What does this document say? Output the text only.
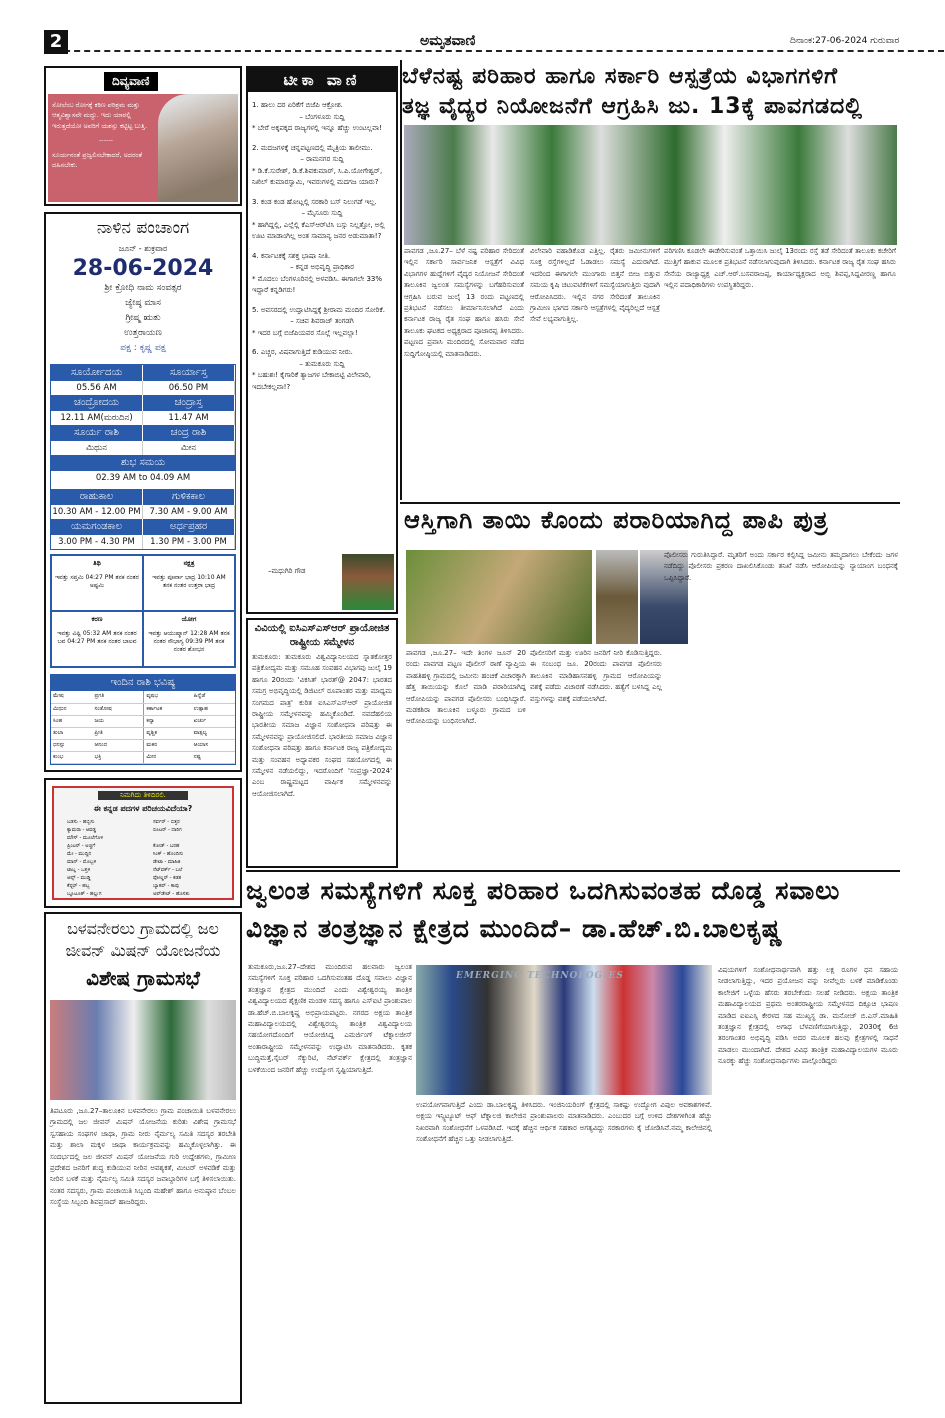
2	ಅಮೃತವಾಣಿ	ದಿನಾಂಕ:27-06-2024 ಗುರುವಾರ
ದಿವ್ಯವಾಣಿ
ಸೋಲೆಂಬ ರೋಗಕ್ಕೆ ಕಠಿಣ ಪರಿಶ್ರಮ ಮತ್ತು ಆತ್ಮವಿಶ್ವಾಸವೇ ಮದ್ದು. ಇದು ಯಾರಲ್ಲಿ ಇರುತ್ತದೆಯೋ ಅವರಿಗೆ ಯಶಸ್ಸು ಕಟ್ಟಿಟ್ಟ ಬುತ್ತಿ.
------
ಸೂರ್ಯನಂತೆ ಪ್ರಜ್ವಲಿಸಬೇಕಾದರೆ, ಅದರಂತೆ ದಹಿಸಬೇಕು.
ನಾಳಿನ ಪಂಚಾಂಗ
ಜೂನ್ - ಶುಕ್ರವಾರ
28-06-2024
ಶ್ರೀ ಕ್ರೋಧಿ ನಾಮ ಸಂವತ್ಸರ
ಜ್ಯೇಷ್ಠ ಮಾಸ
ಗ್ರೀಷ್ಮ ಋತು
ಉತ್ತರಾಯಣ
ಪಕ್ಷ : ಕೃಷ್ಣ ಪಕ್ಷ
ಸೂರ್ಯೋದಯ	ಸೂರ್ಯಾಸ್ತ
05.56 AM	06.50 PM
ಚಂದ್ರೋದಯ	ಚಂದ್ರಾಸ್ತ
12.11 AM(ಮರುದಿನ)	11.47 AM
ಸೂರ್ಯ ರಾಶಿ	ಚಂದ್ರ ರಾಶಿ
ಮಿಥುನ	ಮೀನ
ಶುಭ ಸಮಯ
02.39 AM to 04.09 AM
ರಾಹುಕಾಲ	ಗುಳಿಕಕಾಲ
10.30 AM - 12.00 PM	7.30 AM - 9.00 AM
ಯಮಗಂಡಕಾಲ	ಅರ್ಧಪ್ರಹರ
3.00 PM - 4.30 PM	1.30 PM - 3.00 PM
ತಿಥಿ
ಇವತ್ತು ಸಪ್ತಮಿ 04:27 PM ತನಕ ನಂತರ ಅಷ್ಟಮಿ
ನಕ್ಷತ್ರ
ಇವತ್ತು ಪೂರ್ವಾ ಭಾದ್ರ 10:10 AM ತನಕ ನಂತರ ಉತ್ತರಾ ಭಾದ್ರ
ಕರಣ
ಇವತ್ತು ವಿಷ್ಟಿ 05:32 AM ತನಕ ನಂತರ ಬವ 04:27 PM ತನಕ ನಂತರ ಬಾಲವ
ಯೋಗ
ಇವತ್ತು ಆಯುಷ್ಮಾನ್ 12:28 AM ತನಕ ನಂತರ ಸೌಭಾಗ್ಯ 09:39 PM ತನಕ ನಂತರ ಶೋಭನ
ಇಂದಿನ ರಾಶಿ ಭವಿಷ್ಯ
ಮೇಷ	ಪ್ರಗತಿ	ವೃಷಭ	ಹಿನ್ನೆಡೆ
ಮಿಥುನ	ಸಂತೋಷ	ಕರ್ಕಾಟಕ	ಉತ್ಸಾಹ
ಸಿಂಹ	ಜಯ	ಕನ್ಯಾ	ಖರ್ಚು
ತುಲಾ	ಪ್ರೀತಿ	ವೃಶ್ಚಿಕ	ವಾತ್ಸಲ್ಯ
ಧನಸ್ಸು	ಆನಂದ	ಮಕರ	ಆಯಾಸ
ಕುಂಭ	ಭಕ್ತಿ	ಮೀನ	ನಷ್ಟ
ನಿಮಗಿದು ತಿಳಿದಿರಲಿ.
ಈ ಕನ್ನಡ ಪದಗಳ ಪರಿಚಯವಿದೆಯಾ?
ಬಡಸು - ಹಬ್ಬಿಸು
ಕ್ಯಾಮರಾ - ಆವಡ್ಡ
ಮೌಸ್ - ಮೂಲೆಗೊಳಿ
ಪ್ರಿಂಟರ್ - ಅಚ್ಚಿಗೆ
ಮೇ - ಮುದ್ದಿನ
ಮಾನ್ - ಮೊಬ್ಬಳಿ
ಟಾಬ್ಲ - ಒತ್ತಳಿ
ಆಪ್ಸ್ - ಮುಡ್ಡಿ
ಕೆಫ್ಟರ್ - ಹಬ್ಬ
ಬ್ಲೂಟೂತ್ - ಹಲ್ಲುಗ
ಸರ್ವರ್ - ಬಿತ್ತರ
ರೂಟರ್ - ದಾರಿಗ
ಕೋಡ್ - ಬರಹ
ಸಿಂಕ್ - ಹೊಂದಿಸು
ಡೇಟಾ - ಮಾಹಿತಿ
ನೆಟ್‌ವರ್ಕ್ - ಬಲೆ
ಫೋಲ್ಡರ್ - ಕಡತ
ಬ್ಯಾಕಪ್ - ಕಾಪು
ಅಪ್‌ಡೇಟ್ - ಹೊಸತು
ಬಳವನೇರಲು ಗ್ರಾಮದಲ್ಲಿ ಜಲ ಜೀವನ್ ಮಿಷನ್ ಯೋಜನೆಯ
ವಿಶೇಷ ಗ್ರಾಮಸಭೆ
ತಿಪಟೂರು ,ಜೂ.27–ತಾಲೂಕಿನ ಬಳವನೇರಲು ಗ್ರಾಮ ಪಂಚಾಯಿತಿ ಬಳವನೇರಲು ಗ್ರಾಮದಲ್ಲಿ ಜಲ ಜೀವನ್ ಮಿಷನ್ ಯೋಜನೆಯ ಕುರಿತು ವಿಶೇಷ ಗ್ರಾಮಸಭೆ ಸ್ವಸಹಾಯ ಸಂಘಗಳ ಜಾಥಾ, ಗ್ರಾಮ ನೀರು ನೈರ್ಮಲ್ಯ ಸಮಿತಿ ಸದಸ್ಯರ ತರಬೇತಿ ಮತ್ತು ಶಾಲಾ ಮಕ್ಕಳ ಜಾಥಾ ಕಾರ್ಯಕ್ರಮವನ್ನು ಹಮ್ಮಿಕೊಳ್ಳಲಾಗಿತ್ತು. ಈ ಸಂದರ್ಭದಲ್ಲಿ ಜಲ ಜೀವನ್ ಮಿಷನ್ ಯೋಜನೆಯ ಗುರಿ ಉದ್ದೇಶಗಳು, ಗ್ರಾಮೀಣ ಪ್ರದೇಶದ ಜನರಿಗೆ ಶುದ್ಧ ಕುಡಿಯುವ ನೀರಿನ ಅವಶ್ಯಕತೆ, ಮೀಟರ್ ಅಳವಡಿಕೆ ಮತ್ತು ನೀರಿನ ಬಳಕೆ ಮತ್ತು ನೈರ್ಮಲ್ಯ ಸಮಿತಿ ಸದಸ್ಯರ ಜವಾಬ್ದಾರಿಗಳ ಬಗ್ಗೆ ತಿಳಿಸಲಾಯಿತು. ನಂತರ ಸದಸ್ಯರು, ಗ್ರಾಮ ಪಂಚಾಯಿತಿ ಸಿಬ್ಬಂದಿ ಮಹೇಶ್ ಹಾಗೂ ಅನುಷ್ಠಾನ ಬೆಂಬಲ ಸಂಸ್ಥೆಯ ಸಿಬ್ಬಂದಿ ಶಿವಪ್ರಸಾದ್ ಹಾಜರಿದ್ದರು.
ಟೀಕಾ ವಾಣಿ
1. ಹಾಲು ದರ ಏರಿಕೆಗೆ ಬಿಜೆಪಿ ಆಕ್ರೋಶ.
– ಬೆಂಗಳೂರು ಸುದ್ದಿ
* ಬೇರೆ ಅಕ್ಕಪಕ್ಕದ ರಾಜ್ಯಗಳಲ್ಲಿ ಇನ್ನೂ ಹೆಚ್ಚು ಉಂಟಲ್ಲವಾ!
2. ಮದಜಗಳಕ್ಕೆ ಚನ್ನಪಟ್ಟಣದಲ್ಲಿ ಮೈತ್ರಿಯ ತಾಲೀಮು.
– ರಾಮನಗರ ಸುದ್ದಿ
* ಡಿ.ಕೆ.ಸುರೇಶ್, ಡಿ.ಕೆ.ಶಿವಕುಮಾರ್, ಸಿ.ಪಿ.ಯೋಗೇಶ್ವರ್, ನಿಖಿಲ್ ಕುಮಾರಸ್ವಾಮಿ, ಇವರುಗಳಲ್ಲಿ ಮದಗಜ ಯಾರು?
3. ಕಂಡ ಕಂಡ ಹೋಟ್ಲಲ್ಲಿ ಸರಕಾರಿ ಬಸ್ ನಿಲುಗಡೆ ಇಲ್ಲ.
– ಮೈಸೂರು ಸುದ್ದಿ
* ಹಾಗಿದ್ದಲ್ಲಿ, ಎಲ್ಲೆಲ್ಲಿ ಕೆಎಸ್‌ಆರ್‌ಟಿಸಿ ಬಸ್ಸು ನಿಲ್ಲತ್ತೋ, ಅಲ್ಲಿ ಊಟ ಮಾಡಾಂಗಿಲ್ಲ ಅಂತ ಸಾಮಾನ್ಯ ಜನರ ಅಡುಮಾತಾ!?
4. ಕರ್ನಾಟಕಕ್ಕೆ ಸಶಕ್ತ ಭಾಷಾ ನೀತಿ.
– ಕನ್ನಡ ಅಭಿವೃದ್ಧಿ ಪ್ರಾಧಿಕಾರ
* ಮೊದಲು ಬೆಂಗಳೂರಿನಲ್ಲಿ ಅಳವಡಿಸಿ. ಈಗಾಗಲೇ 33% ಇದ್ದಾರೆ ಕನ್ನಡಿಗರು!
5. ಅವಸರದಲ್ಲಿ ಉದ್ಘಾಟಿಸಿದ್ದಕ್ಕೆ ಶ್ರೀರಾಮ ಮಂದಿರ ಸೋರಿಕೆ.
– ಸಚಿವ ಶಿವರಾಜ್ ತಂಗಡಗಿ
* ಇದರ ಬಗ್ಗೆ ಬಿಜೆಪಿಯವರ ಸೊಲ್ಲೆ ಇಲ್ಲವಲ್ಲಾ!
6. ಎಚ್ಚರ, ವಿಷವಾಗುತ್ತಿದೆ ಕುಡಿಯುವ ನೀರು.
– ತುಮಕೂರು ಸುದ್ದಿ
* ಬಹುಶಃ! ಕೈಗಾರಿಕೆ ತ್ಯಾಜಗಳ ಬೇಕಾಬಿಟ್ಟಿ ವಿಲೇವಾರಿ, ಇದಬೇಕಲ್ಲವಾ!?
–ಮಧುಗಿರಿ ಗೌಡ
ವಿವಿಯಲ್ಲಿ ಐಸಿಎಸ್‌ಎಸ್‌ಆರ್ ಪ್ರಾಯೋಜಿತ ರಾಷ್ಟ್ರೀಯ ಸಮ್ಮೇಳನ
ತುಮಕೂರು: ತುಮಕೂರು ವಿಶ್ವವಿದ್ಯಾನಿಲಯದ ಸ್ನಾತಕೋತ್ತರ ಪತ್ರಿಕೋದ್ಯಮ ಮತ್ತು ಸಮೂಹ ಸಂವಹನ ವಿಭಾಗವು ಜುಲೈ 19 ಹಾಗೂ 20ರಂದು 'ವಿಕಸಿತ್ ಭಾರತ್@ 2047: ಭಾರತದ ಸಮಗ್ರ ಅಭಿವೃದ್ಧಿಯಲ್ಲಿ ಡಿಜಿಟಲ್ ರೂಪಾಂತರ ಮತ್ತು ಮಾಧ್ಯಮ ಸಂಗಮದ ಪಾತ್ರ' ಕುರಿತ ಐಸಿಎಸ್ಎಸ್ಆರ್ ಪ್ರಾಯೋಜಿತ ರಾಷ್ಟ್ರೀಯ ಸಮ್ಮೇಳನವನ್ನು ಹಮ್ಮಿಕೊಂಡಿದೆ. ನವದೆಹಲಿಯ ಭಾರತೀಯ ಸಮಾಜ ವಿಜ್ಞಾನ ಸಂಶೋಧನಾ ಪರಿಷತ್ತು ಈ ಸಮ್ಮೇಳನವನ್ನು ಪ್ರಾಯೋಜಿಸಲಿದೆ. ಭಾರತೀಯ ಸಮಾಜ ವಿಜ್ಞಾನ ಸಂಶೋಧನಾ ಪರಿಷತ್ತು ಹಾಗೂ ಕರ್ನಾಟಕ ರಾಜ್ಯ ಪತ್ರಿಕೋದ್ಯಮ ಮತ್ತು ಸಂವಹನ ಅಧ್ಯಾಪಕರ ಸಂಘದ ಸಹಯೋಗದಲ್ಲಿ ಈ ಸಮ್ಮೇಳನ ನಡೆಯಲಿದ್ದು, ಇದರೊಂದಿಗೆ 'ಸಂಪ್ರಜ್ಞಾ-2024' ಎಂಬ ರಾಷ್ಟ್ರಮಟ್ಟದ ವಾರ್ಷಿಕ ಸಮ್ಮೇಳನವನ್ನು ಆಯೋಜಿಸಲಾಗಿದೆ.
ಬೆಳೆನಷ್ಟ ಪರಿಹಾರ ಹಾಗೂ ಸರ್ಕಾರಿ ಆಸ್ಪತ್ರೆಯ ವಿಭಾಗಗಳಿಗೆ
ತಜ್ಞ ವೈದ್ಯರ ನಿಯೋಜನೆಗೆ ಆಗ್ರಹಿಸಿ ಜು. 13ಕ್ಕೆ ಪಾವಗಡದಲ್ಲಿ
ಪಾವಗಡ ,ಜೂ.27– ಬೆಳೆ ನಷ್ಟ ಪರಿಹಾರ ಸೇರಿದಂತೆ ಇಲ್ಲಿನ ಸರ್ಕಾರಿ ಸಾರ್ವಜನಿಕ ಆಸ್ಪತ್ರೆಗೆ ವಿವಿಧ ವಿಭಾಗಗಳ ಹುದ್ದೆಗಳಿಗೆ ವೈದ್ಯರ ನಿಯೋಜನೆ ಸೇರಿದಂತೆ ತಾಲೂಕಿನ ಜ್ವಲಂತ ಸಮಸ್ಯೆಗಳನ್ನು ಬಗೆಹರಿಸುವಂತೆ ಆಗ್ರಹಿಸಿ ಬರುವ ಜುಲೈ 13 ರಂದು ಪಟ್ಟಣದಲ್ಲಿ ಪ್ರತಿಭಟನೆ ನಡೆಸಲು ತೀರ್ಮಾನಿಸಲಾಗಿದೆ ಎಂದು ಕರ್ನಾಟಕ ರಾಜ್ಯ ರೈತ ಸಂಘ ಹಾಗೂ ಹಸಿರು ಸೇನೆ ತಾಲೂಕು ಘಟಕದ ಅಧ್ಯಕ್ಷರಾದ ಪೂಜಾರಪ್ಪ ತಿಳಿಸಿದರು. ಪಟ್ಟಣದ ಪ್ರವಾಸಿ ಮಂದಿರದಲ್ಲಿ ಸೋಮವಾರ ನಡೆದ ಸುದ್ದಿಗೋಷ್ಠಿಯಲ್ಲಿ ಮಾತನಾಡಿದರು.
ವಿಲೇವಾರಿ ವಹಾಡಿಕೊಡ ಎತ್ತಿಲ್ಲ. ರೈತರು ಜಮೀನುಗಳಿಗೆ ಸೂಕ್ತ ರಸ್ತೆಗಳಿಲ್ಲದೆ ಓಡಾಡಲು ಸಮಸ್ಯೆ ಎದುರಾಗಿದೆ. ಇದರಿಂದ ಈಗಾಗಲೇ ಮುಂಗಾರು ಬಿತ್ತನೆ ಬೀಜ ಬಿತ್ತುವ ಸಮಯ ಕೃಷಿ ಚಟುವಟಿಕೆಗಳಿಗೆ ಸಮಸ್ಯೆಯಾಗುತ್ತಿರು ವುದಾಗಿ ಆರೋಪಿಸಿದರು. ಇಲ್ಲಿನ ನಗರ ಸೇರಿದಂತೆ ತಾಲೂಕಿನ ಗ್ರಾಮೀಣ ಭಾಗದ ಸರ್ಕಾರಿ ಆಸ್ಪತ್ರೆಗಳಲ್ಲಿ ವೈದ್ಯರಿಲ್ಲದೆ ಆಸ್ಪತ್ರೆ ಸೇವೆ ಲಭ್ಯವಾಗುತ್ತಿಲ್ಲ.
ಪರಿಗಣಿಸಿ ಕೂಡಲೇ ಈಡೇರಿಸುವಂತೆ ಒತ್ತಾಯಿಸಿ ಜುಲೈ 13ರಂದು ರಸ್ತೆ ತಡೆ ಸೇರಿದಂತೆ ತಾಲೂಕು ಕಚೇರಿಗೆ ಮುತ್ತಿಗೆ ಹಾಕುವ ಮೂಲಕ ಪ್ರತಿಭಟನೆ ನಡೆಸಲಾಗುವುದಾಗಿ ತಿಳಿಸಿದರು. ಕರ್ನಾಟಕ ರಾಜ್ಯ ರೈತ ಸಂಘ ಹಸಿರು ಸೇನೆಯ ರಾಜ್ಯಾಧ್ಯಕ್ಷ ಎಚ್.ಆರ್.ಬಸವರಾಜಪ್ಪ, ಕಾರ್ಯಾಧ್ಯಕ್ಷರಾದ ಅಬ್ಬಿ ಶಿವಪ್ಪ,ಸಿದ್ದವೀರಣ್ಣ ಹಾಗೂ ಇಲ್ಲಿನ ಪದಾಧಿಕಾರಿಗಳು ಉಪಸ್ಥಿತರಿದ್ದರು.
ಆಸ್ತಿಗಾಗಿ ತಾಯಿ ಕೊಂದು ಪರಾರಿಯಾಗಿದ್ದ ಪಾಪಿ ಪುತ್ರ
ಪಾವಗಡ ,ಜೂ.27– ಇದೇ ತಿಂಗಳ ಜೂನ್ 20 ರಂದು ಪಾವಗಡ ಪಟ್ಟಣ ಪೊಲೀಸ್ ಠಾಣೆ ವ್ಯಾಪ್ತಿಯ ವಾಹತಿಹಳ್ಳಿ ಗ್ರಾಮದಲ್ಲಿ ಜಮೀನು ಹಂಚಿಕೆ ವಿಚಾರಕ್ಕಾಗಿ ಹೆತ್ತ ತಾಯಿಯನ್ನು ಕೊಲೆ ಮಾಡಿ ಪರಾರಿಯಾಗಿದ್ದ ಆರೋಪಿಯನ್ನು ಪಾವಗಡ ಪೊಲೀಸರು ಬಂಧಿಸಿದ್ದಾರೆ. ಮಡಕಶಿರಾ ತಾಲೂಕಿನ ಬಳ್ಳೂರು ಗ್ರಾಮದ ಬಳಿ ಆರೋಪಿಯನ್ನು ಬಂಧಿಸಲಾಗಿದೆ.
ಪೊಲೀಸರಿಗೆ ಮತ್ತು ಊರಿನ ಜನರಿಗೆ ನೀರಿ ಕೊಡಿಸುತ್ತಿದ್ದರು. ಈ ಸಂಬಂಧ ಜೂ. 20ರಂದು ಪಾವಗಡ ಪೊಲೀಸರು ತಾಲೂಕಿನ ಮಾಡಿಹಾಸನಹಳ್ಳಿ ಗ್ರಾಮದ ಆರೋಪಿಯನ್ನು ವಶಕ್ಕೆ ಪಡೆದು ವಿಚಾರಣೆ ನಡೆಸಿದರು. ಹತ್ಯೆಗೆ ಬಳಸಿದ್ದ ಎಲ್ಲ ವಸ್ತುಗಳನ್ನು ವಶಕ್ಕೆ ಪಡೆಯಲಾಗಿದೆ.
ಪೊಲೀಸರು ಗುರುತಿಸಿದ್ದಾರೆ. ಮೃತರಿಗೆ ಅಂದು ಸರ್ಕಾರ ಕಲ್ಪಿಸಿದ್ದ ಜಮೀನು ತಮ್ಮದಾಗಲು ಬೇಕೆಂದು ಜಗಳ ನಡೆದಿದ್ದು ಪೊಲೀಸರು ಪ್ರಕರಣ ದಾಖಲಿಸಿಕೊಂಡು ತನಿಖೆ ನಡೆಸಿ ಆರೋಪಿಯನ್ನು ನ್ಯಾಯಾಂಗ ಬಂಧನಕ್ಕೆ ಒಪ್ಪಿಸಿದ್ದಾರೆ.
ಜ್ವಲಂತ ಸಮಸ್ಯೆಗಳಿಗೆ ಸೂಕ್ತ ಪರಿಹಾರ ಒದಗಿಸುವಂತಹ ದೊಡ್ಡ ಸವಾಲು
ವಿಜ್ಞಾನ ತಂತ್ರಜ್ಞಾನ ಕ್ಷೇತ್ರದ ಮುಂದಿದೆ– ಡಾ.ಹೆಚ್.ಬಿ.ಬಾಲಕೃಷ್ಣ
ತುಮಕೂರು,ಜೂ.27–ದೇಶದ ಮುಂದಿರುವ ಹಲವಾರು ಜ್ವಲಂತ ಸಮಸ್ಯೆಗಳಿಗೆ ಸೂಕ್ತ ಪರಿಹಾರ ಒದಗಿಸುವಂತಹ ದೊಡ್ಡ ಸವಾಲು ವಿಜ್ಞಾನ ತಂತ್ರಜ್ಞಾನ ಕ್ಷೇತ್ರದ ಮುಂದಿದೆ ಎಂದು ವಿಶ್ವೇಶ್ವರಯ್ಯ ತಾಂತ್ರಿಕ ವಿಶ್ವವಿದ್ಯಾಲಯದ ಶೈಕ್ಷಣಿಕ ಮಂಡಳಿ ಸದಸ್ಯ ಹಾಗೂ ಎಸ್ಐಟಿ ಪ್ರಾಂಶುಪಾಲ ಡಾ.ಹೆಚ್.ಬಿ.ಬಾಲಕೃಷ್ಣ ಅಭಿಪ್ರಾಯಪಟ್ಟರು. ನಗರದ ಅಕ್ಷಯ ತಾಂತ್ರಿಕ ಮಹಾವಿದ್ಯಾಲಯದಲ್ಲಿ ವಿಶ್ವೇಶ್ವರಯ್ಯ ತಾಂತ್ರಿಕ ವಿಶ್ವವಿದ್ಯಾಲಯ ಸಹಯೋಗದೊಂದಿಗೆ ಆಯೋಜಿಸಿದ್ದ ಎಮರ್ಜಿಂಗ್ ಟೆಕ್ನಾಲಜೀಸ್ ಅಂತಾರಾಷ್ಟ್ರೀಯ ಸಮ್ಮೇಳನವನ್ನು ಉದ್ಘಾಟಿಸಿ ಮಾತನಾಡಿದರು. ಕೃತಕ ಬುದ್ಧಿಮತ್ತೆ,ಸೈಬರ್ ಸೆಕ್ಯುರಿಟಿ, ನೆಟ್‌ವರ್ಕ್ ಕ್ಷೇತ್ರದಲ್ಲಿ ತಂತ್ರಜ್ಞಾನ ಬಳಕೆಯಿಂದ ಜನರಿಗೆ ಹೆಚ್ಚು ಉದ್ಯೋಗ ಸೃಷ್ಟಿಯಾಗುತ್ತಿದೆ.
EMERGING TECHNOLOGIES
ಉಪಯೋಗವಾಗುತ್ತಿದೆ ಎಂದು ಡಾ.ಬಾಲಕೃಷ್ಣ ತಿಳಿಸಿದರು. ಇಂಜಿನಿಯರಿಂಗ್ ಕ್ಷೇತ್ರದಲ್ಲಿ ಸಾಕಷ್ಟು ಉದ್ಯೋಗ ವಿಪುಲ ಅವಕಾಶಗಳಿವೆ. ಅಕ್ಷಯ ಇನ್ಸ್ಟಿಟ್ಯೂಟ್ ಆಫ್ ಟೆಕ್ನಾಲಜಿ ಕಾಲೇಜಿನ ಪ್ರಾಂಶುಪಾಲರು ಮಾತನಾಡಿದರು. ಎಂಬುದರ ಬಗ್ಗೆ ಉಳಿದ ದೇಶಗಳಿಗಿಂತ ಹೆಚ್ಚು ನಿಖರವಾಗಿ ಸಂಶೋಧನೆಗೆ ಒಳಪಡಿಸಿದೆ. ಇದಕ್ಕೆ ಹೆಚ್ಚಿನ ಆರ್ಥಿಕ ಸಹಕಾರ ಅಗತ್ಯವಿದ್ದು ಸರಕಾರಗಳು ಕೈ ಜೋಡಿಸಿವೆ.ನಮ್ಮ ಕಾಲೇಜಿನಲ್ಲಿ ಸಂಶೋಧನೆಗೆ ಹೆಚ್ಚಿನ ಒತ್ತು ನೀಡಲಾಗುತ್ತಿದೆ.
ವಿಷಯಗಳಿಗೆ ಸಂಶೋಧನಾರ್ಥವಾಗಿ ಹತ್ತು ಲಕ್ಷ ರೂಗಳ ಧನ ಸಹಾಯ ನೀಡಲಾಗುತ್ತಿದ್ದು, ಇದರ ಪ್ರಯೋಜನ ವನ್ನು ನೀವೆಲ್ಲರು ಬಳಕೆ ಮಾಡಿಕೊಂಡು ಕಾಲೇಜಿಗೆ ಒಳ್ಳೆಯ ಹೆಸರು ತರಬೇಕೆಂದು ಸಲಹೆ ನೀಡಿದರು. ಅಕ್ಷಯ ತಾಂತ್ರಿಕ ಮಹಾವಿದ್ಯಾಲಯದ ಪ್ರಥಮ ಅಂತರರಾಷ್ಟ್ರೀಯ ಸಮ್ಮೇಳನದ ದಿಕ್ಸೂಚಿ ಭಾಷಣ ಮಾಡಿದ ಐಐಎಸ್ಸಿ ಕೇರಳದ ಸಹ ಮುಖ್ಯಸ್ಥ ಡಾ. ಮನೋಜ್ ಬಿ.ಎಸ್.ಮಾಹಿತಿ ತಂತ್ರಜ್ಞಾನ ಕ್ಷೇತ್ರದಲ್ಲಿ ಅಗಾಧ ಬೆಳವಣಿಗೆಯಾಗುತ್ತಿದ್ದು, 2030ಕ್ಕೆ 6ಜಿ ತರಂಗಾಂತರ ಅಭಿವೃದ್ಧಿ ಪಡಿಸಿ ಅದರ ಮೂಲಕ ಹಲವು ಕ್ಷೇತ್ರಗಳಲ್ಲಿ ಸಾಧನೆ ಮಾಡಲು ಮುಂದಾಗಿದೆ. ದೇಶದ ವಿವಿಧ ತಾಂತ್ರಿಕ ಮಹಾವಿದ್ಯಾಲಯಗಳ ಮೂರು ನೂರಕ್ಕು ಹೆಚ್ಚು ಸಂಶೋಧನಾರ್ಥಿಗಳು ಪಾಲ್ಗೊಂಡಿದ್ದರು
